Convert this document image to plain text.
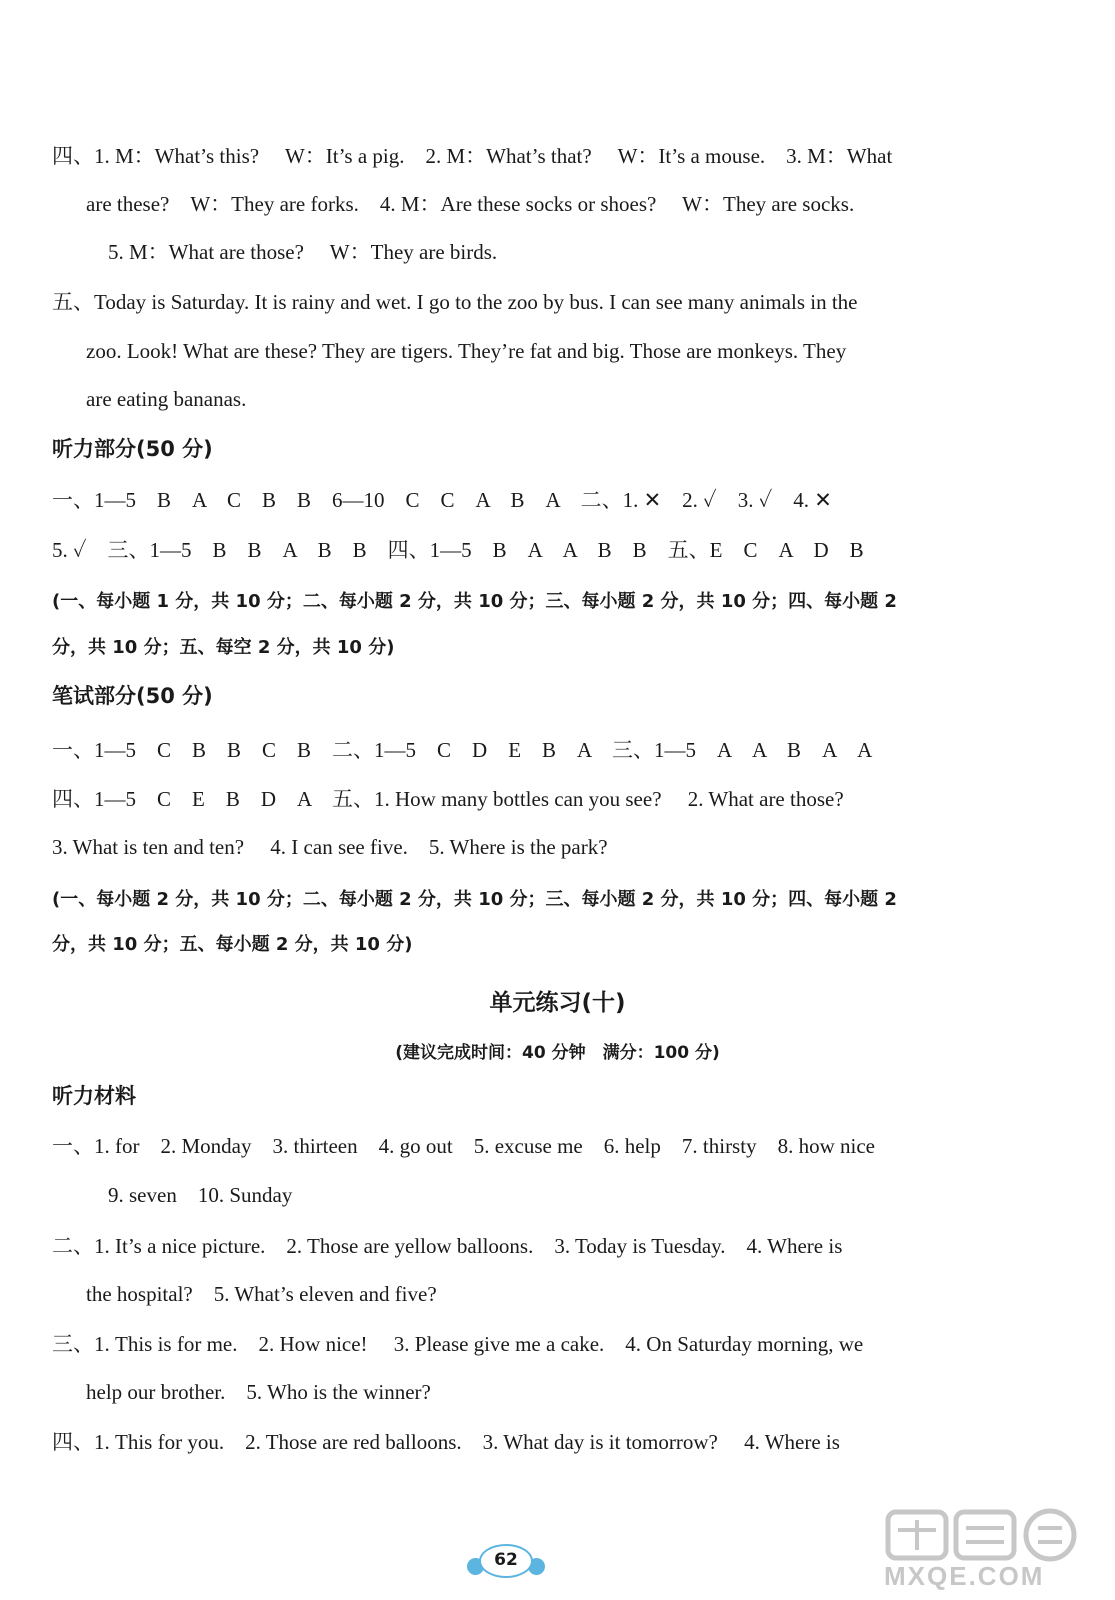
四、1. M：What’s this?　 W：It’s a pig.　2. M：What’s that?　 W：It’s a mouse.　3. M：What
are these?　W：They are forks.　4. M：Are these socks or shoes?　 W：They are socks.
5. M：What are those?　 W：They are birds.
五、Today is Saturday. It is rainy and wet. I go to the zoo by bus. I can see many animals in the
zoo. Look! What are these? They are tigers. They’re fat and big. Those are monkeys. They
are eating bananas.
听力部分(50 分)
一、1—5　B　A　C　B　B　6—10　C　C　A　B　A　二、1. ✕　2. ✓　3. ✓　4. ✕
5. ✓　三、1—5　B　B　A　B　B　四、1—5　B　A　A　B　B　五、E　C　A　D　B
(一、每小题 1 分，共 10 分；二、每小题 2 分，共 10 分；三、每小题 2 分，共 10 分；四、每小题 2
分，共 10 分；五、每空 2 分，共 10 分)
笔试部分(50 分)
一、1—5　C　B　B　C　B　二、1—5　C　D　E　B　A　三、1—5　A　A　B　A　A
四、1—5　C　E　B　D　A　五、1. How many bottles can you see?　 2. What are those?
3. What is ten and ten?　 4. I can see five.　5. Where is the park?
(一、每小题 2 分，共 10 分；二、每小题 2 分，共 10 分；三、每小题 2 分，共 10 分；四、每小题 2
分，共 10 分；五、每小题 2 分，共 10 分)
单元练习(十)
(建议完成时间：40 分钟　满分：100 分)
听力材料
一、1. for　2. Monday　3. thirteen　4. go out　5. excuse me　6. help　7. thirsty　8. how nice
9. seven　10. Sunday
二、1. It’s a nice picture.　2. Those are yellow balloons.　3. Today is Tuesday.　4. Where is
the hospital?　5. What’s eleven and five?
三、1. This is for me.　2. How nice!　 3. Please give me a cake.　4. On Saturday morning, we
help our brother.　5. Who is the winner?
四、1. This for you.　2. Those are red balloons.　3. What day is it tomorrow?　 4. Where is
62
MXQE.COM
